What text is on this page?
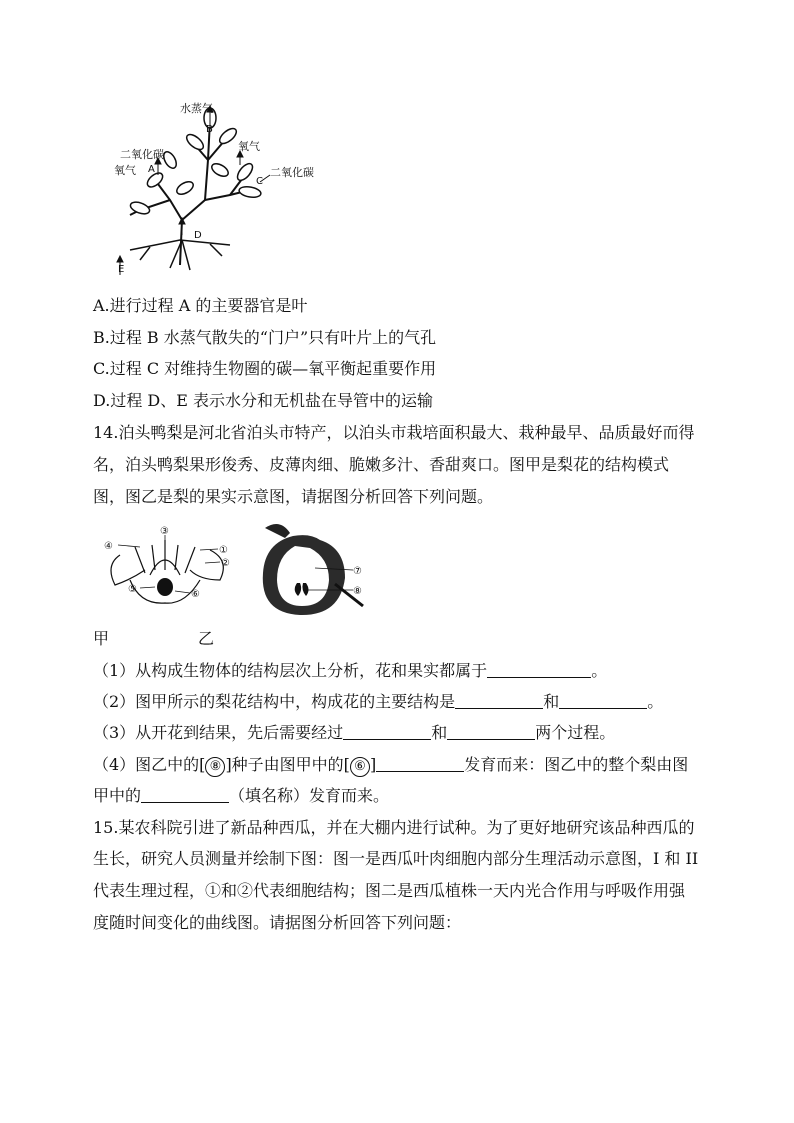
水蒸气
B
二氧化碳
氧气 A
氧气
二氧化碳
C
D
E
A.进行过程 A 的主要器官是叶
B.过程 B 水蒸气散失的“门户”只有叶片上的气孔
C.过程 C 对维持生物圈的碳—氧平衡起重要作用
D.过程 D、E 表示水分和无机盐在导管中的运输
14.泊头鸭梨是河北省泊头市特产，以泊头市栽培面积最大、栽种最早、品质最好而得
名，泊头鸭梨果形俊秀、皮薄肉细、脆嫩多汁、香甜爽口。图甲是梨花的结构模式
图，图乙是梨的果实示意图，请据图分析回答下列问题。
①
②
③
④
⑤	⑥
⑦
⑧
甲	乙
（1）从构成生物体的结构层次上分析，花和果实都属于	。
（2）图甲所示的梨花结构中，构成花的主要结构是	和	。
（3）从开花到结果，先后需要经过	和	两个过程。
（4）图乙中的[ ⑧ ]种子由图甲中的[ ⑥ ]	发育而来：图乙中的整个梨由图
甲中的	（填名称）发育而来。
15.某农科院引进了新品种西瓜，并在大棚内进行试种。为了更好地研究该品种西瓜的
生长，研究人员测量并绘制下图：图一是西瓜叶肉细胞内部分生理活动示意图，I 和 II
代表生理过程，①和②代表细胞结构；图二是西瓜植株一天内光合作用与呼吸作用强
度随时间变化的曲线图。请据图分析回答下列问题：
